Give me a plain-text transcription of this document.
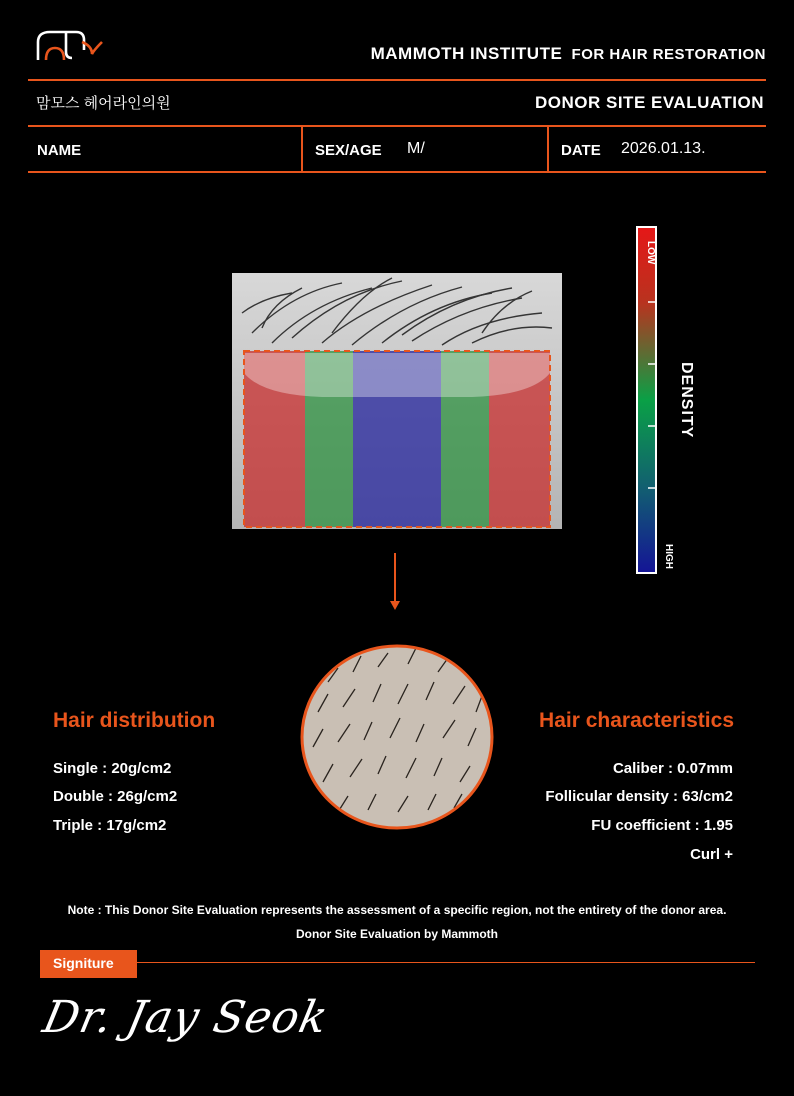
MAMMOTH INSTITUTE FOR HAIR RESTORATION
맘모스 헤어라인의원	DONOR SITE EVALUATION
NAME	SEX/AGE M/	DATE 2026.01.13.
LOW
HIGH
DENSITY
Hair distribution
Single : 20g/cm2
Double : 26g/cm2
Triple : 17g/cm2
Hair characteristics
Caliber : 0.07mm
Follicular density : 63/cm2
FU coefficient : 1.95
Curl +
Note : This Donor Site Evaluation represents the assessment of a specific region, not the entirety of the donor area.
Donor Site Evaluation by Mammoth
Signiture
Dr. Jay Seok
